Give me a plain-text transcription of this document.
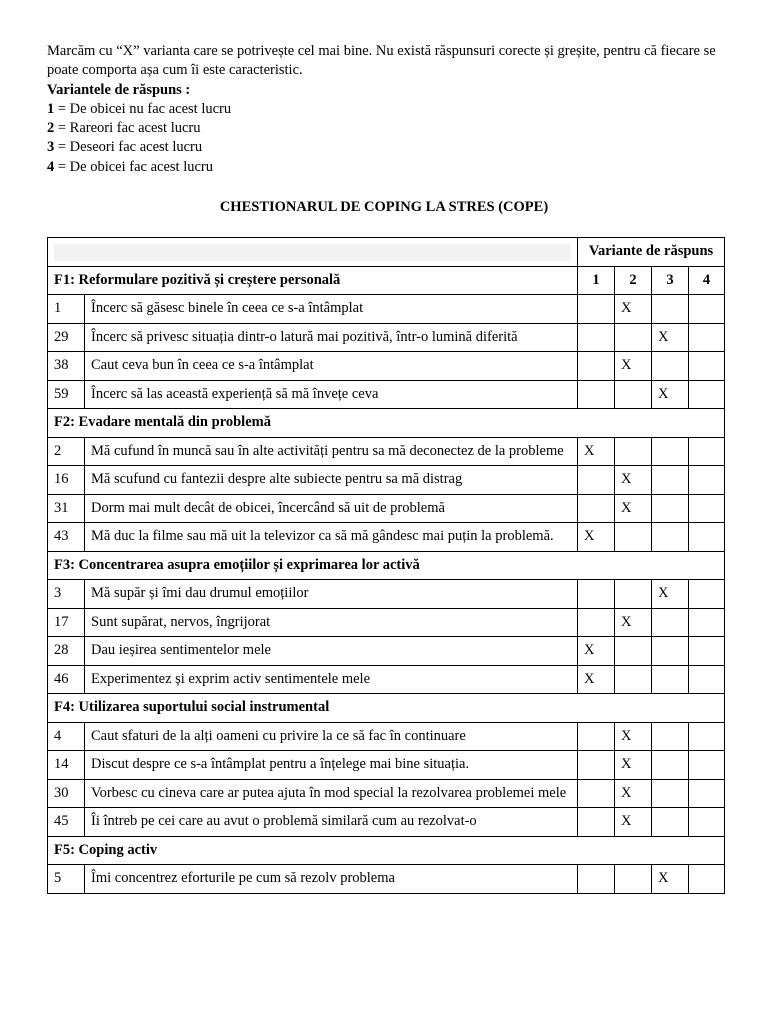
Marcăm cu “X” varianta care se potrivește cel mai bine. Nu există răspunsuri corecte și greșite, pentru că fiecare se poate comporta așa cum îi este caracteristic.

Variantele de răspuns :

1 = De obicei nu fac acest lucru

2 = Rareori fac acest lucru

3 = Deseori fac acest lucru

4 = De obicei fac acest lucru

CHESTIONARUL DE COPING LA STRES (COPE)
		Variante de răspuns			
F1: Reformulare pozitivă și creștere personală		1	2	3	4
1	Încerc să găsesc binele în ceea ce s-a întâmplat		X		
29	Încerc să privesc situația dintr-o latură mai pozitivă, într-o lumină diferită			X	
38	Caut ceva bun în ceea ce s-a întâmplat		X		
59	Încerc să las această experiență să mă învețe ceva			X	
F2: Evadare mentală din problemă					
2	Mă cufund în muncă sau în alte activități pentru sa mă deconectez de la probleme	X			
16	Mă scufund cu fantezii despre alte subiecte pentru sa mă distrag		X		
31	Dorm mai mult decât de obicei, încercând să uit de problemă		X		
43	Mă duc la filme sau mă uit la televizor ca să mă gândesc mai puțin la problemă.	X			
F3: Concentrarea asupra emoțiilor și exprimarea lor activă					
3	Mă supăr și îmi dau drumul emoțiilor			X	
17	Sunt supărat, nervos, îngrijorat		X		
28	Dau ieșirea sentimentelor mele	X			
46	Experimentez și exprim activ sentimentele mele	X			
F4: Utilizarea suportului social instrumental					
4	Caut sfaturi de la alți oameni cu privire la ce să fac în continuare		X		
14	Discut despre ce s-a întâmplat pentru a înțelege mai bine situația.		X		
30	Vorbesc cu cineva care ar putea ajuta în mod special la rezolvarea problemei mele		X		
45	Îi întreb pe cei care au avut o problemă similară cum au rezolvat-o		X		
F5: Coping activ					
5	Îmi concentrez eforturile pe cum să rezolv problema			X	
